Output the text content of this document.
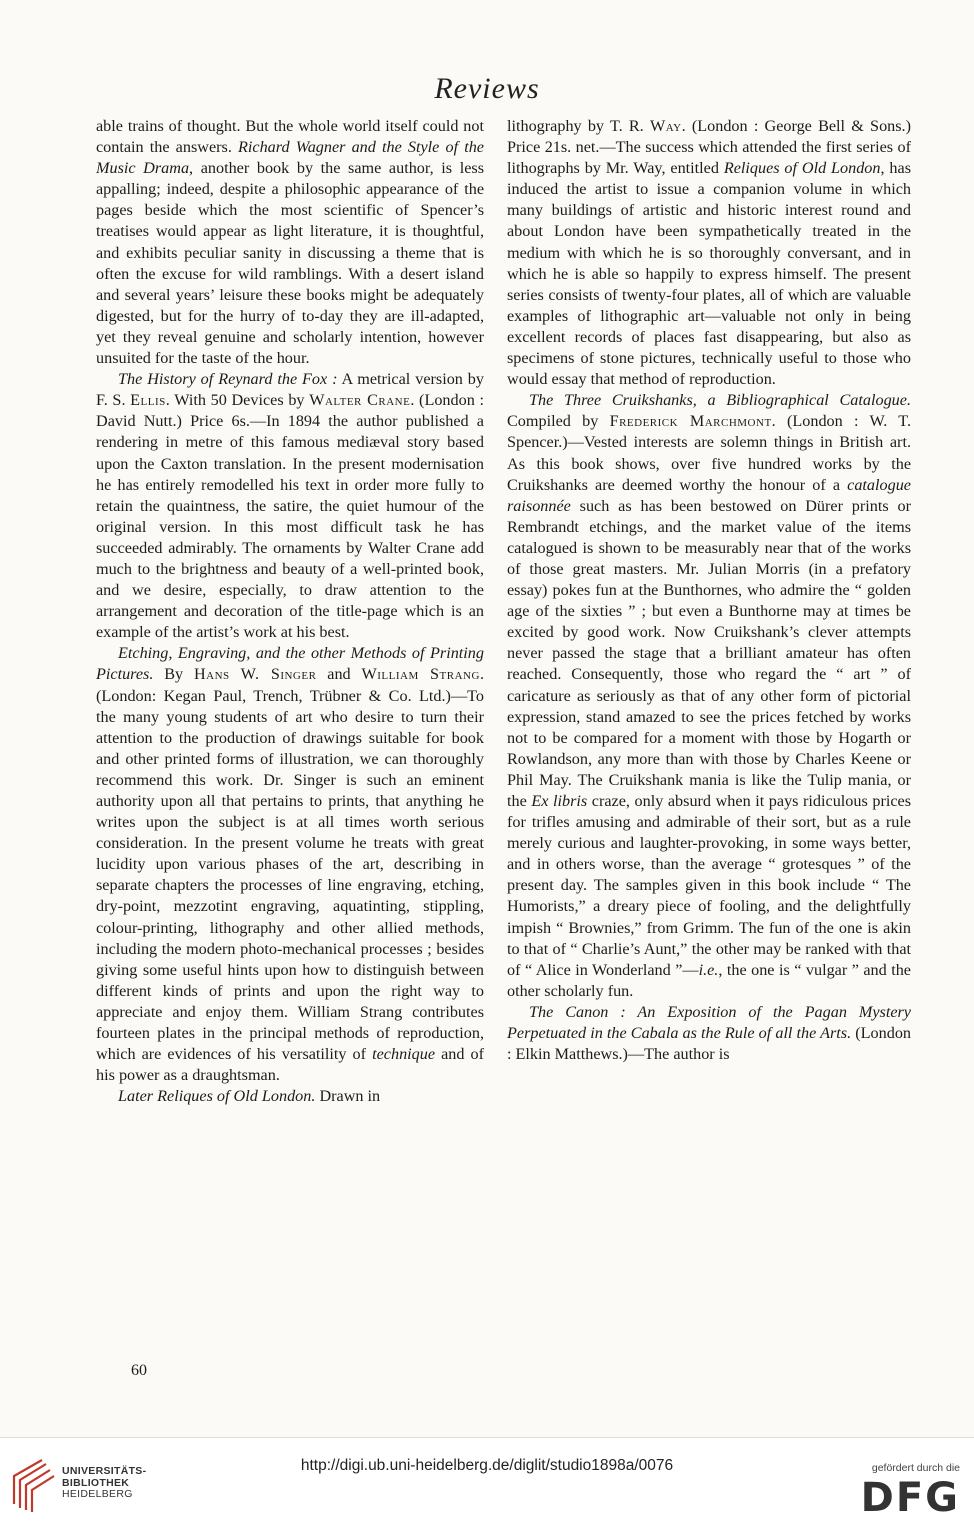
Reviews

able trains of thought. But the whole world itself could not contain the answers. Richard Wagner and the Style of the Music Drama, another book by the same author, is less appalling; indeed, despite a philosophic appearance of the pages beside which the most scientific of Spencer’s treatises would appear as light literature, it is thoughtful, and exhibits peculiar sanity in discussing a theme that is often the excuse for wild ramblings. With a desert island and several years’ leisure these books might be adequately digested, but for the hurry of to-day they are ill-adapted, yet they reveal genuine and scholarly intention, however unsuited for the taste of the hour.

The History of Reynard the Fox : A metrical version by F. S. Ellis. With 50 Devices by Walter Crane. (London : David Nutt.) Price 6s.—In 1894 the author published a rendering in metre of this famous mediæval story based upon the Caxton translation. In the present modernisation he has entirely remodelled his text in order more fully to retain the quaintness, the satire, the quiet humour of the original version. In this most difficult task he has succeeded admirably. The ornaments by Walter Crane add much to the brightness and beauty of a well-printed book, and we desire, especially, to draw attention to the arrangement and decoration of the title-page which is an example of the artist’s work at his best.

Etching, Engraving, and the other Methods of Printing Pictures. By Hans W. Singer and William Strang. (London: Kegan Paul, Trench, Trübner & Co. Ltd.)—To the many young students of art who desire to turn their attention to the production of drawings suitable for book and other printed forms of illustration, we can thoroughly recommend this work. Dr. Singer is such an eminent authority upon all that pertains to prints, that anything he writes upon the subject is at all times worth serious consideration. In the present volume he treats with great lucidity upon various phases of the art, describing in separate chapters the processes of line engraving, etching, dry-point, mezzotint engraving, aquatinting, stippling, colour-printing, lithography and other allied methods, including the modern photo-mechanical processes ; besides giving some useful hints upon how to distinguish between different kinds of prints and upon the right way to appreciate and enjoy them. William Strang contributes fourteen plates in the principal methods of reproduction, which are evidences of his versatility of technique and of his power as a draughtsman.

Later Reliques of Old London. Drawn in

60

lithography by T. R. Way. (London : George Bell & Sons.) Price 21s. net.—The success which attended the first series of lithographs by Mr. Way, entitled Reliques of Old London, has induced the artist to issue a companion volume in which many buildings of artistic and historic interest round and about London have been sympathetically treated in the medium with which he is so thoroughly conversant, and in which he is able so happily to express himself. The present series consists of twenty-four plates, all of which are valuable examples of lithographic art—valuable not only in being excellent records of places fast disappearing, but also as specimens of stone pictures, technically useful to those who would essay that method of reproduction.

The Three Cruikshanks, a Bibliographical Catalogue. Compiled by Frederick Marchmont. (London : W. T. Spencer.)—Vested interests are solemn things in British art. As this book shows, over five hundred works by the Cruikshanks are deemed worthy the honour of a catalogue raisonnée such as has been bestowed on Dürer prints or Rembrandt etchings, and the market value of the items catalogued is shown to be measurably near that of the works of those great masters. Mr. Julian Morris (in a prefatory essay) pokes fun at the Bunthornes, who admire the “ golden age of the sixties ” ; but even a Bunthorne may at times be excited by good work. Now Cruikshank’s clever attempts never passed the stage that a brilliant amateur has often reached. Consequently, those who regard the “ art ” of caricature as seriously as that of any other form of pictorial expression, stand amazed to see the prices fetched by works not to be compared for a moment with those by Hogarth or Rowlandson, any more than with those by Charles Keene or Phil May. The Cruikshank mania is like the Tulip mania, or the Ex libris craze, only absurd when it pays ridiculous prices for trifles amusing and admirable of their sort, but as a rule merely curious and laughter-provoking, in some ways better, and in others worse, than the average “ grotesques ” of the present day. The samples given in this book include “ The Humorists,” a dreary piece of fooling, and the delightfully impish “ Brownies,” from Grimm. The fun of the one is akin to that of “ Charlie’s Aunt,” the other may be ranked with that of “ Alice in Wonderland ”—i.e., the one is “ vulgar ” and the other scholarly fun.

The Canon : An Exposition of the Pagan Mystery Perpetuated in the Cabala as the Rule of all the Arts. (London : Elkin Matthews.)—The author is

UNIVERSITÄTS-
BIBLIOTHEK
HEIDELBERG
http://digi.ub.uni-heidelberg.de/diglit/studio1898a/0076	gefördert durch die
DFG
